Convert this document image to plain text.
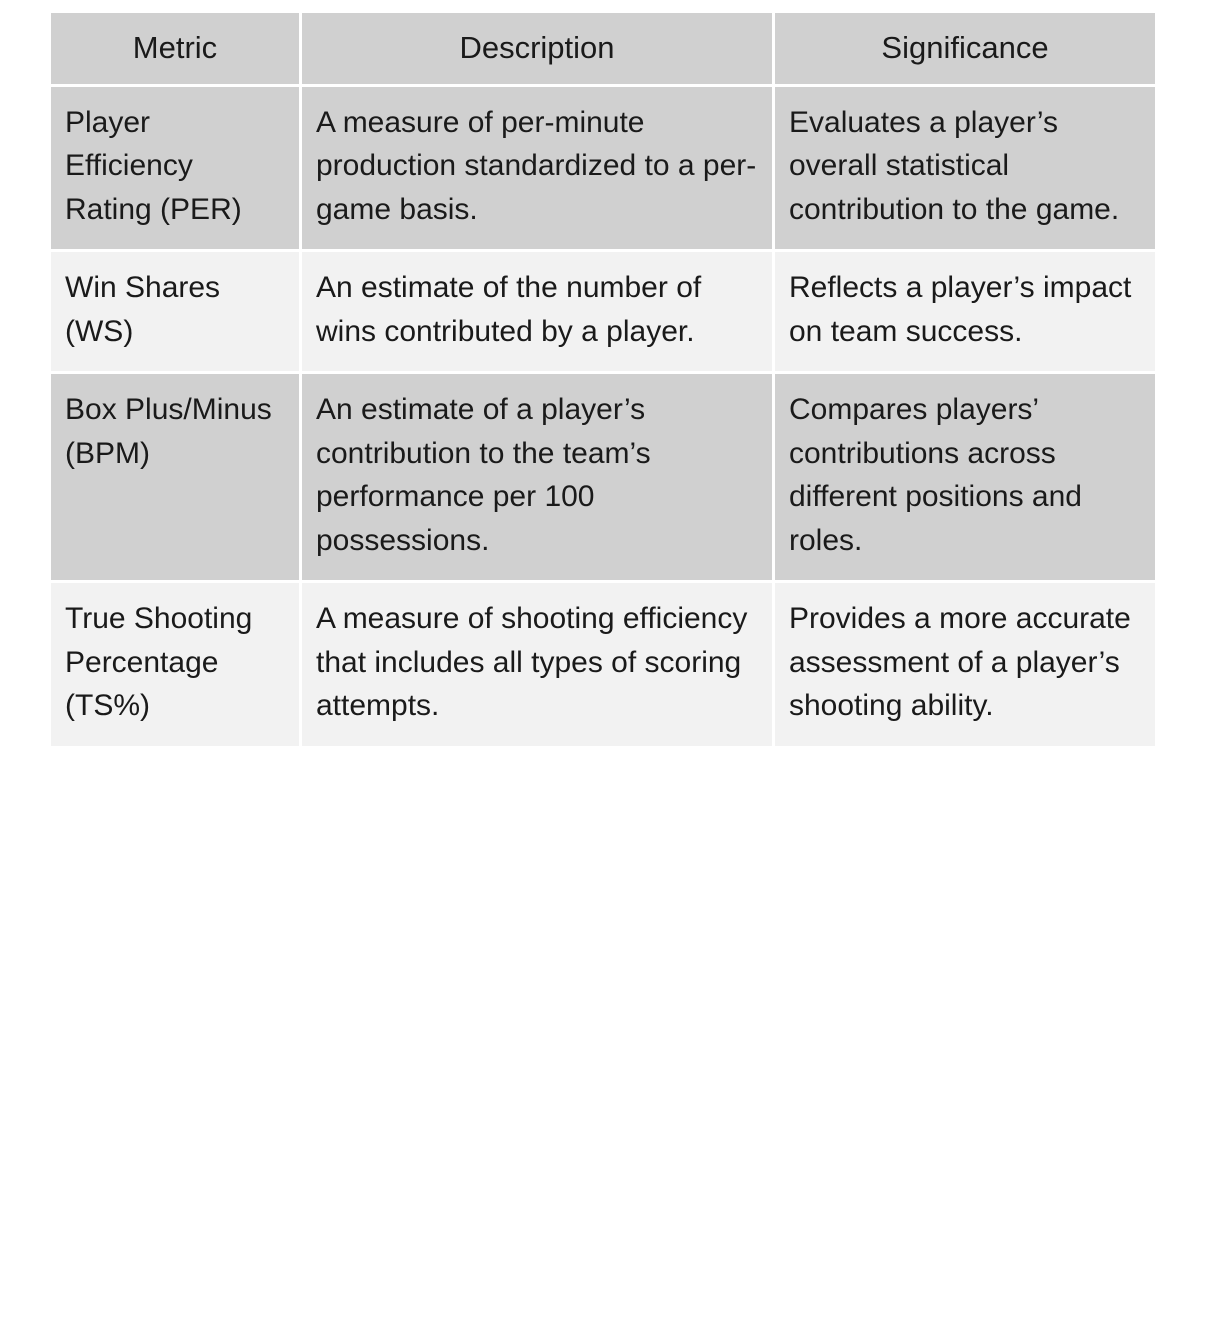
Metric	Description	Significance
Player Efficiency Rating (PER)	A measure of per-minute production standardized to a per-game basis.	Evaluates a player’s overall statistical contribution to the game.
Win Shares (WS)	An estimate of the number of wins contributed by a player.	Reflects a player’s impact on team success.
Box Plus/Minus (BPM)	An estimate of a player’s contribution to the team’s performance per 100 possessions.	Compares players’ contributions across different positions and roles.
True Shooting Percentage (TS%)	A measure of shooting efficiency that includes all types of scoring attempts.	Provides a more accurate assessment of a player’s shooting ability.
